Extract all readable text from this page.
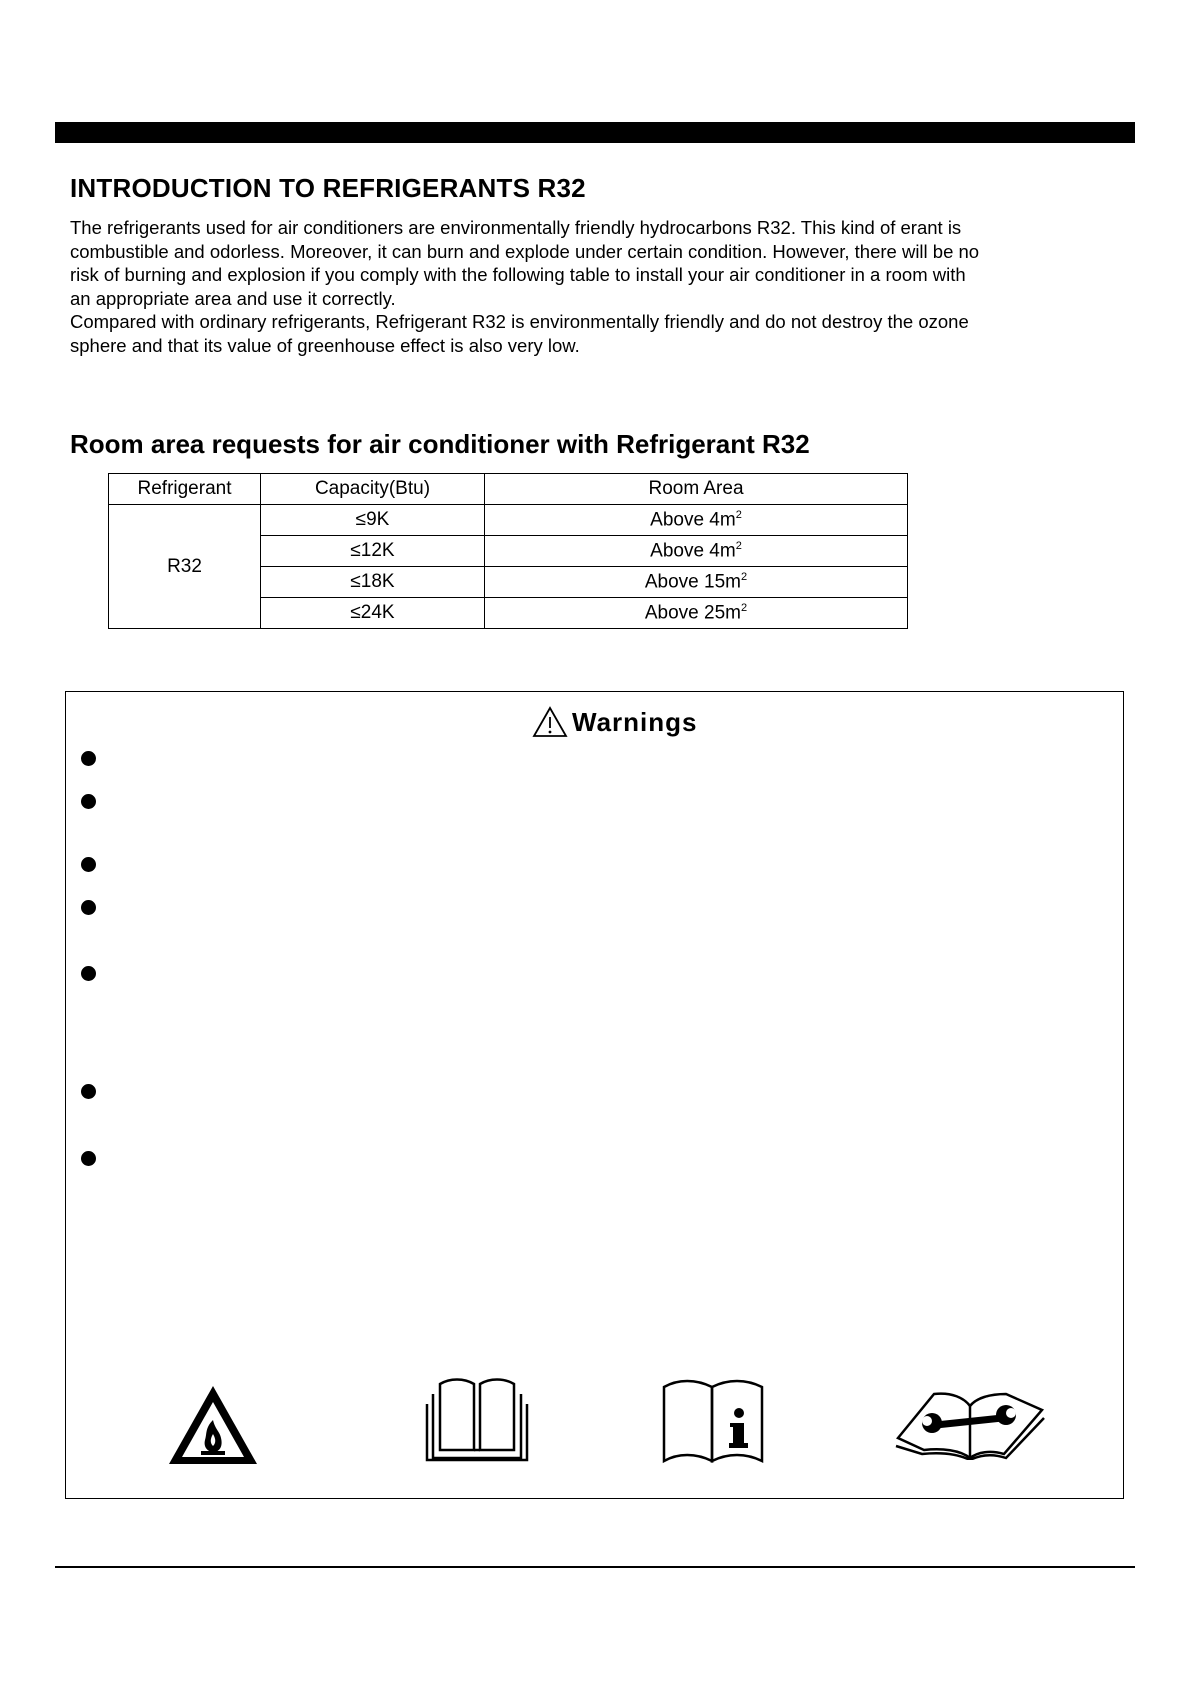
INTRODUCTION TO REFRIGERANTS R32

The refrigerants used for air conditioners are environmentally friendly hydrocarbons R32. This kind of erant is

combustible and odorless. Moreover, it can burn and explode under certain condition. However, there will be no

risk of burning and explosion if you comply with the following table to install your air conditioner in a room with

an appropriate area and use it correctly.

Compared with ordinary refrigerants, Refrigerant R32 is environmentally friendly and do not destroy the ozone

sphere and that its value of greenhouse effect is also very low.

Room area requests for air conditioner with Refrigerant R32
Refrigerant	Capacity(Btu)	Room Area
R32	≤9K	Above $4m^2$
	≤12K	Above $4m^2$
	≤18K	Above $15m^2$
	≤24K	Above $25m^2$
Warnings
